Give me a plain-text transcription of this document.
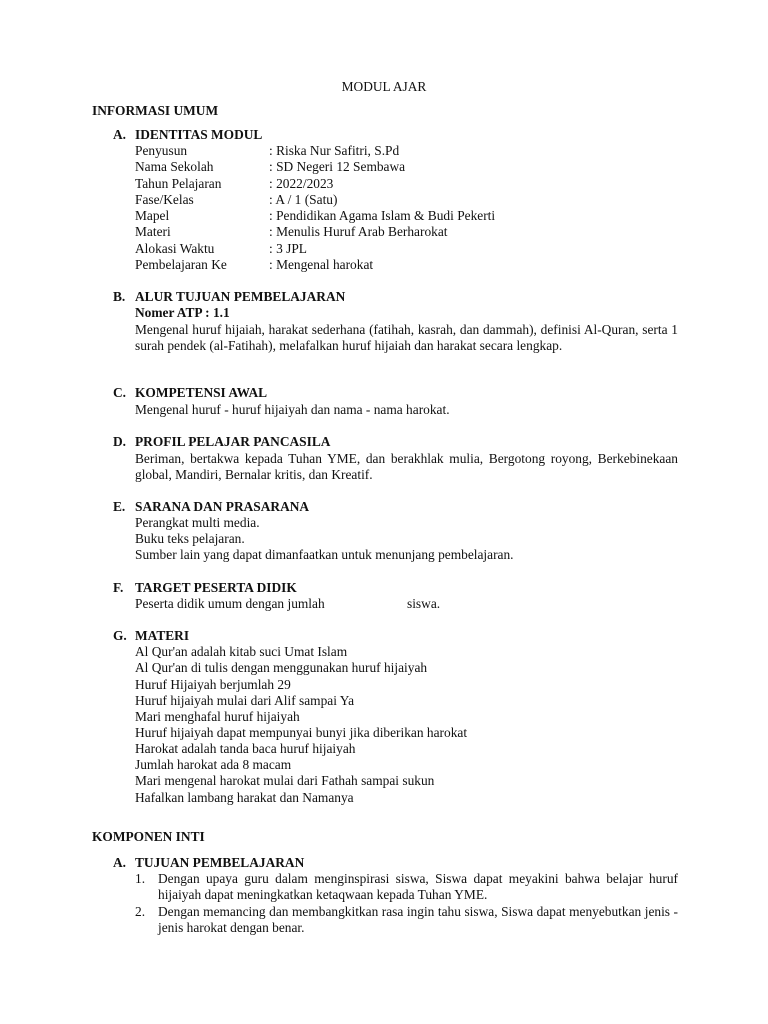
MODUL AJAR
INFORMASI UMUM
A. IDENTITAS MODUL
Penyusun	: Riska Nur Safitri, S.Pd
Nama Sekolah	: SD Negeri 12 Sembawa
Tahun Pelajaran	: 2022/2023
Fase/Kelas	: A / 1 (Satu)
Mapel	: Pendidikan Agama Islam & Budi Pekerti
Materi	: Menulis Huruf Arab Berharokat
Alokasi Waktu	: 3 JPL
Pembelajaran Ke	: Mengenal harokat
B. ALUR TUJUAN PEMBELAJARAN
Nomer ATP : 1.1
Mengenal huruf hijaiah, harakat sederhana (fatihah, kasrah, dan dammah), definisi Al-Quran, serta 1 surah pendek (al-Fatihah), melafalkan huruf hijaiah dan harakat secara lengkap.
C. KOMPETENSI AWAL
Mengenal huruf - huruf hijaiyah dan nama - nama harokat.
D. PROFIL PELAJAR PANCASILA
Beriman, bertakwa kepada Tuhan YME, dan berakhlak mulia, Bergotong royong, Berkebinekaan global, Mandiri, Bernalar kritis, dan Kreatif.
E. SARANA DAN PRASARANA
Perangkat multi media.
Buku teks pelajaran.
Sumber lain yang dapat dimanfaatkan untuk menunjang pembelajaran.
F. TARGET PESERTA DIDIK
Peserta didik umum dengan jumlah	siswa.
G. MATERI
Al Qur'an adalah kitab suci Umat Islam
Al Qur'an di tulis dengan menggunakan huruf hijaiyah
Huruf Hijaiyah berjumlah 29
Huruf hijaiyah mulai dari Alif sampai Ya
Mari menghafal huruf hijaiyah
Huruf hijaiyah dapat mempunyai bunyi jika diberikan harokat
Harokat adalah tanda baca huruf hijaiyah
Jumlah harokat ada 8 macam
Mari mengenal harokat mulai dari Fathah sampai sukun
Hafalkan lambang harakat dan Namanya
KOMPONEN INTI
A. TUJUAN PEMBELAJARAN
1. Dengan upaya guru dalam menginspirasi siswa, Siswa dapat meyakini bahwa belajar huruf hijaiyah dapat meningkatkan ketaqwaan kepada Tuhan YME.
2. Dengan memancing dan membangkitkan rasa ingin tahu siswa, Siswa dapat menyebutkan jenis - jenis harokat dengan benar.
